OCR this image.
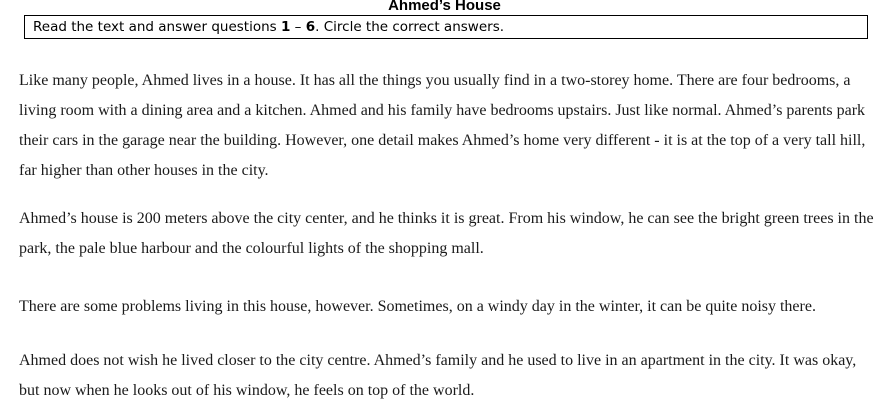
Ahmed’s House
Read the text and answer questions 1 – 6. Circle the correct answers.

Like many people, Ahmed lives in a house. It has all the things you usually find in a two-storey home. There are four bedrooms, a living room with a dining area and a kitchen. Ahmed and his family have bedrooms upstairs. Just like normal. Ahmed’s parents park their cars in the garage near the building. However, one detail makes Ahmed’s home very different - it is at the top of a very tall hill, far higher than other houses in the city.

Ahmed’s house is 200 meters above the city center, and he thinks it is great. From his window, he can see the bright green trees in the park, the pale blue harbour and the colourful lights of the shopping mall.

There are some problems living in this house, however. Sometimes, on a windy day in the winter, it can be quite noisy there.

Ahmed does not wish he lived closer to the city centre. Ahmed’s family and he used to live in an apartment in the city. It was okay, but now when he looks out of his window, he feels on top of the world.
